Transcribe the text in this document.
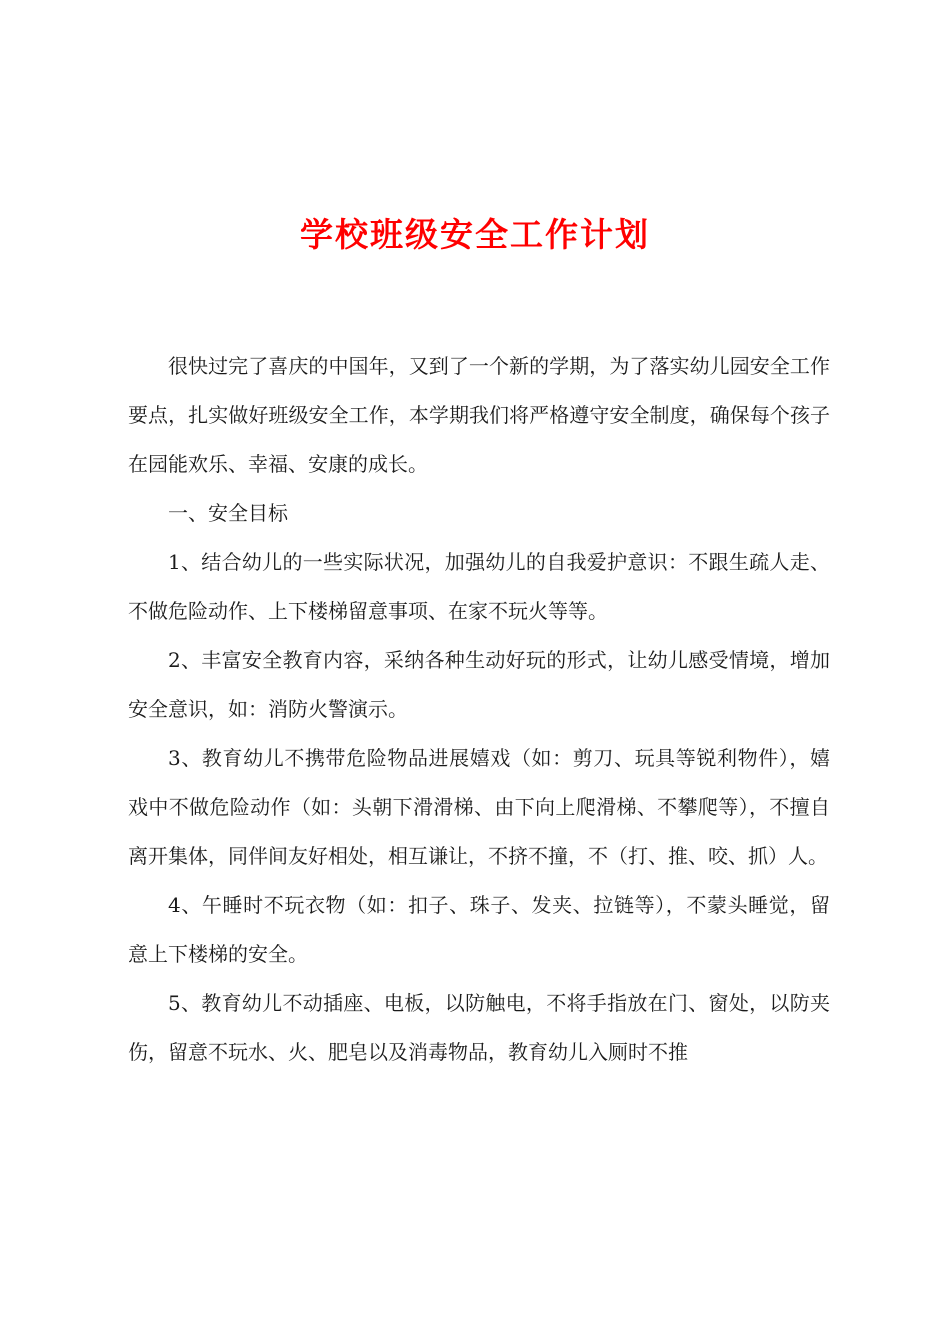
学校班级安全工作计划

很快过完了喜庆的中国年，又到了一个新的学期，为了落实幼儿园安全工作要点，扎实做好班级安全工作，本学期我们将严格遵守安全制度，确保每个孩子在园能欢乐、幸福、安康的成长。

一、安全目标

1、结合幼儿的一些实际状况，加强幼儿的自我爱护意识：不跟生疏人走、不做危险动作、上下楼梯留意事项、在家不玩火等等。

2、丰富安全教育内容，采纳各种生动好玩的形式，让幼儿感受情境，增加安全意识，如：消防火警演示。

3、教育幼儿不携带危险物品进展嬉戏（如：剪刀、玩具等锐利物件），嬉戏中不做危险动作（如：头朝下滑滑梯、由下向上爬滑梯、不攀爬等），不擅自离开集体，同伴间友好相处，相互谦让，不挤不撞，不（打、推、咬、抓）人。

4、午睡时不玩衣物（如：扣子、珠子、发夹、拉链等），不蒙头睡觉，留意上下楼梯的安全。

5、教育幼儿不动插座、电板，以防触电，不将手指放在门、窗处，以防夹伤，留意不玩水、火、肥皂以及消毒物品，教育幼儿入厕时不推
